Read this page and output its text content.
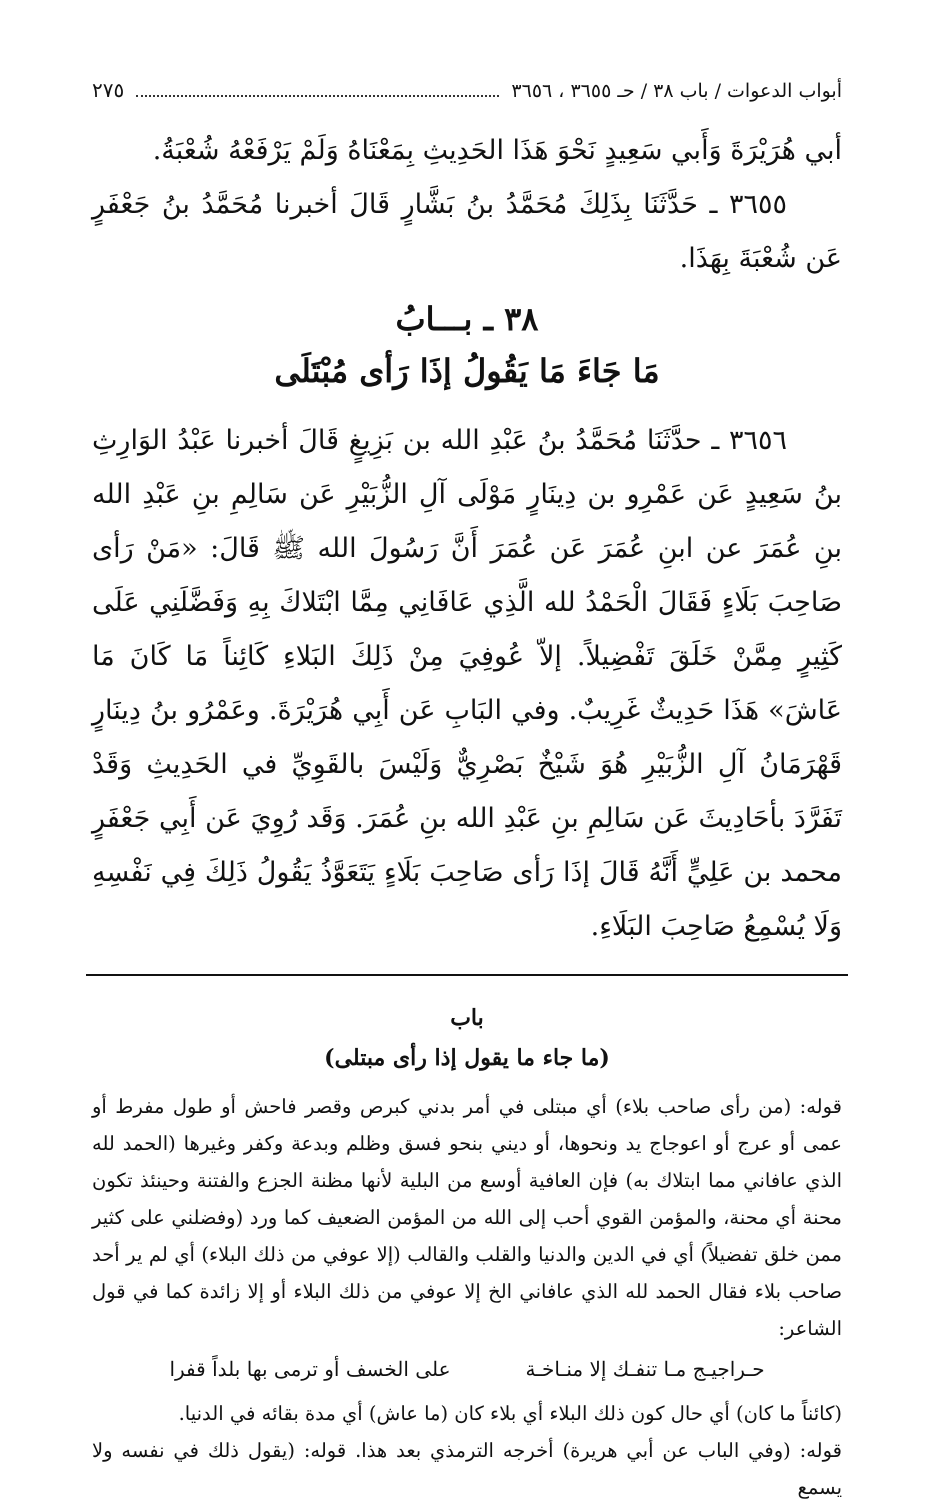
أبواب الدعوات / باب ٣٨ / حـ ٣٦٥٥ ، ٣٦٥٦
٢٧٥

أبي هُرَيْرَةَ وَأَبي سَعِيدٍ نَحْوَ هَذَا الحَدِيثِ بِمَعْنَاهُ وَلَمْ يَرْفَعْهُ شُعْبَةُ.

٣٦٥٥ ـ حَدَّثَنَا بِذَلِكَ مُحَمَّدُ بنُ بَشَّارٍ قَالَ أخبرنا مُحَمَّدُ بنُ جَعْفَرٍ عَن شُعْبَةَ بِهَذَا.

٣٨ ـ بـــابُ
مَا جَاءَ مَا يَقُولُ إذَا رَأى مُبْتَلَى

٣٦٥٦ ـ حدَّثَنَا مُحَمَّدُ بنُ عَبْدِ الله بن بَزِيغٍ قَالَ أخبرنا عَبْدُ الوَارِثِ بنُ سَعِيدٍ عَن عَمْرِو بن دِينَارٍ مَوْلَى آلِ الزُّبَيْرِ عَن سَالِمِ بنِ عَبْدِ الله بنِ عُمَرَ عن ابنِ عُمَرَ عَن عُمَرَ أَنَّ رَسُولَ الله ﷺ قَالَ: «مَنْ رَأى صَاحِبَ بَلَاءٍ فَقَالَ الْحَمْدُ لله الَّذِي عَافَانِي مِمَّا ابْتَلاكَ بِهِ وَفَضَّلَنِي عَلَى كَثِيرٍ مِمَّنْ خَلَقَ تَفْضِيلاً. إلاّ عُوفِيَ مِنْ ذَلِكَ البَلاءِ كَائِناً مَا كَانَ مَا عَاشَ» هَذَا حَدِيثٌ غَرِيبٌ. وفي البَابِ عَن أَبِي هُرَيْرَةَ. وعَمْرُو بنُ دِينَارٍ قَهْرَمَانُ آلِ الزُّبَيْرِ هُوَ شَيْخٌ بَصْرِيٌّ وَلَيْسَ بالقَوِيِّ في الحَدِيثِ وَقَدْ تَفَرَّدَ بأحَادِيثَ عَن سَالِمِ بنِ عَبْدِ الله بنِ عُمَرَ. وَقَد رُوِيَ عَن أَبِي جَعْفَرٍ محمد بن عَلِيٍّ أَنَّهُ قَالَ إذَا رَأى صَاحِبَ بَلَاءٍ يَتَعَوَّذُ يَقُولُ ذَلِكَ فِي نَفْسِهِ وَلَا يُسْمِعُ صَاحِبَ البَلَاءِ.

باب
(ما جاء ما يقول إذا رأى مبتلى)

قوله: (من رأى صاحب بلاء) أي مبتلى في أمر بدني كبرص وقصر فاحش أو طول مفرط أو عمى أو عرج أو اعوجاج يد ونحوها، أو ديني بنحو فسق وظلم وبدعة وكفر وغيرها (الحمد لله الذي عافاني مما ابتلاك به) فإن العافية أوسع من البلية لأنها مظنة الجزع والفتنة وحينئذ تكون محنة أي محنة، والمؤمن القوي أحب إلى الله من المؤمن الضعيف كما ورد (وفضلني على كثير ممن خلق تفضيلاً) أي في الدين والدنيا والقلب والقالب (إلا عوفي من ذلك البلاء) أي لم ير أحد صاحب بلاء فقال الحمد لله الذي عافاني الخ إلا عوفي من ذلك البلاء أو إلا زائدة كما في قول الشاعر:

حـراجيـج مـا تنفـك إلا منـاخـة
على الخسف أو ترمى بها بلداً قفرا

(كائناً ما كان) أي حال كون ذلك البلاء أي بلاء كان (ما عاش) أي مدة بقائه في الدنيا.

قوله: (وفي الباب عن أبي هريرة) أخرجه الترمذي بعد هذا. قوله: (يقول ذلك في نفسه ولا يسمع
